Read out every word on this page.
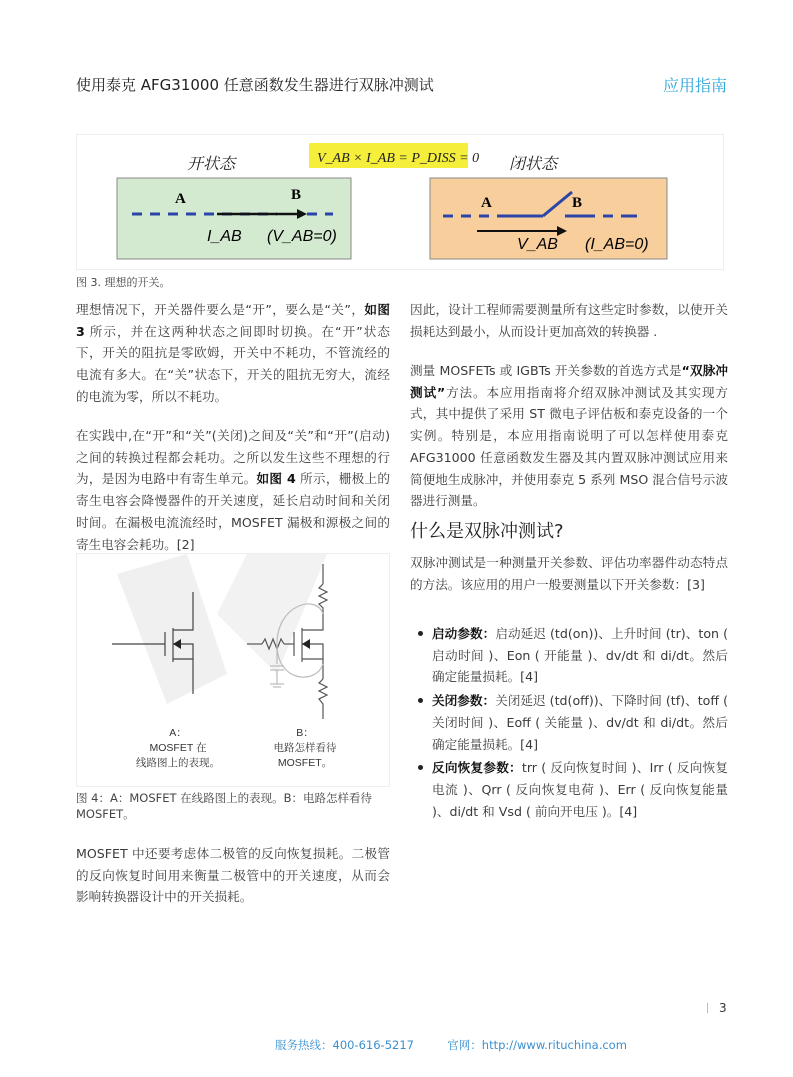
使用泰克 AFG31000 任意函数发生器进行双脉冲测试	应用指南
V_AB × I_AB = P_DISS = 0
开状态	闭状态
A	B
I_AB (V_AB=0)
A	B
V_AB (I_AB=0)
图 3. 理想的开关。
理想情况下，开关器件要么是“开”，要么是“关”，如图 3 所示，并在这两种状态之间即时切换。在“开”状态下，开关的阻抗是零欧姆，开关中不耗功，不管流经的电流有多大。在“关”状态下，开关的阻抗无穷大，流经的电流为零，所以不耗功。
在实践中,在“开”和“关”(关闭)之间及“关”和“开”(启动)之间的转换过程都会耗功。之所以发生这些不理想的行为，是因为电路中有寄生单元。如图 4 所示，栅极上的寄生电容会降慢器件的开关速度，延长启动时间和关闭时间。在漏极电流流经时，MOSFET 漏极和源极之间的寄生电容会耗功。[2]
A：
MOSFET 在
线路图上的表现。
B：
电路怎样看待
MOSFET。
图 4：A：MOSFET 在线路图上的表现。B：电路怎样看待 MOSFET。
MOSFET 中还要考虑体二极管的反向恢复损耗。二极管的反向恢复时间用来衡量二极管中的开关速度，从而会影响转换器设计中的开关损耗。
因此，设计工程师需要测量所有这些定时参数，以使开关损耗达到最小，从而设计更加高效的转换器 .
测量 MOSFETs 或 IGBTs 开关参数的首选方式是“双脉冲测试”方法。本应用指南将介绍双脉冲测试及其实现方式，其中提供了采用 ST 微电子评估板和泰克设备的一个实例。特别是，本应用指南说明了可以怎样使用泰克 AFG31000 任意函数发生器及其内置双脉冲测试应用来简便地生成脉冲，并使用泰克 5 系列 MSO 混合信号示波器进行测量。
什么是双脉冲测试?
双脉冲测试是一种测量开关参数、评估功率器件动态特点的方法。该应用的用户一般要测量以下开关参数：[3]
启动参数：启动延迟 (td(on))、上升时间 (tr)、ton ( 启动时间 )、Eon ( 开能量 )、dv/dt 和 di/dt。然后确定能量损耗。[4]
关闭参数：关闭延迟 (td(off))、下降时间 (tf)、toff ( 关闭时间 )、Eoff ( 关能量 )、dv/dt 和 di/dt。然后确定能量损耗。[4]
反向恢复参数：trr ( 反向恢复时间 )、Irr ( 反向恢复电流 )、Qrr ( 反向恢复电荷 )、Err ( 反向恢复能量 )、di/dt 和 Vsd ( 前向开电压 )。[4]
3
服务热线：400-616-5217	官网：http://www.rituchina.com
